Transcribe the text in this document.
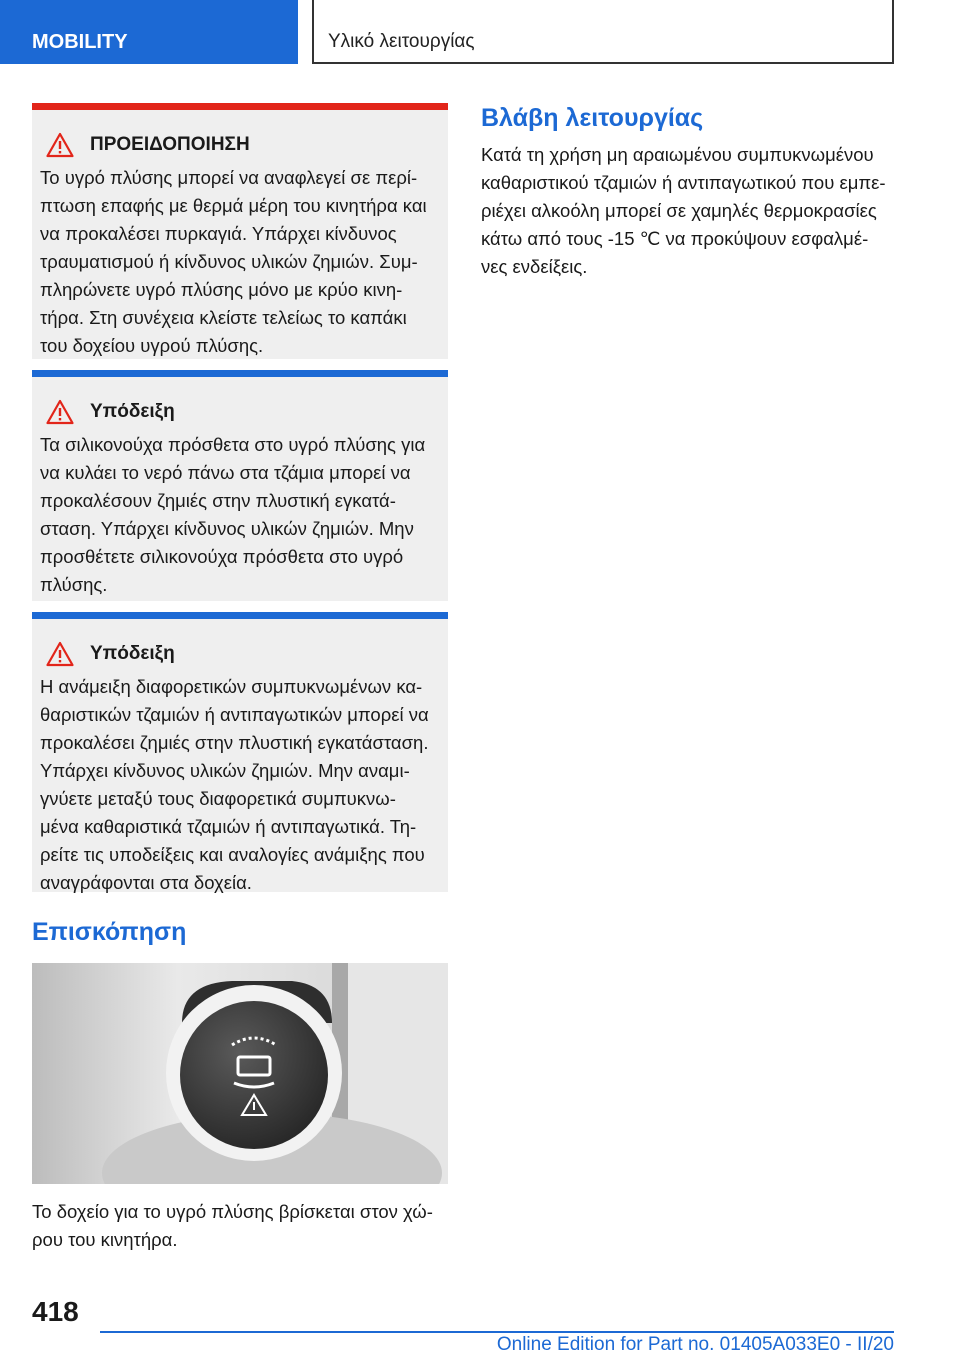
MOBILITY	Υλικό λειτουργίας
ΠΡΟΕΙΔΟΠΟΙΗΣΗ
Το υγρό πλύσης μπορεί να αναφλεγεί σε περί-
πτωση επαφής με θερμά μέρη του κινητήρα και
να προκαλέσει πυρκαγιά. Υπάρχει κίνδυνος
τραυματισμού ή κίνδυνος υλικών ζημιών. Συμ-
πληρώνετε υγρό πλύσης μόνο με κρύο κινη-
τήρα. Στη συνέχεια κλείστε τελείως το καπάκι
του δοχείου υγρού πλύσης.
Υπόδειξη
Τα σιλικονούχα πρόσθετα στο υγρό πλύσης για
να κυλάει το νερό πάνω στα τζάμια μπορεί να
προκαλέσουν ζημιές στην πλυστική εγκατά-
σταση. Υπάρχει κίνδυνος υλικών ζημιών. Μην
προσθέτετε σιλικονούχα πρόσθετα στο υγρό
πλύσης.
Υπόδειξη
Η ανάμειξη διαφορετικών συμπυκνωμένων κα-
θαριστικών τζαμιών ή αντιπαγωτικών μπορεί να
προκαλέσει ζημιές στην πλυστική εγκατάσταση.
Υπάρχει κίνδυνος υλικών ζημιών. Μην αναμι-
γνύετε μεταξύ τους διαφορετικά συμπυκνω-
μένα καθαριστικά τζαμιών ή αντιπαγωτικά. Τη-
ρείτε τις υποδείξεις και αναλογίες ανάμιξης που
αναγράφονται στα δοχεία.
Επισκόπηση
Το δοχείο για το υγρό πλύσης βρίσκεται στον χώ-
ρου του κινητήρα.
Βλάβη λειτουργίας
Κατά τη χρήση μη αραιωμένου συμπυκνωμένου
καθαριστικού τζαμιών ή αντιπαγωτικού που εμπε-
ριέχει αλκοόλη μπορεί σε χαμηλές θερμοκρασίες
κάτω από τους -15 ℃ να προκύψουν εσφαλμέ-
νες ενδείξεις.
418
Online Edition for Part no. 01405A033E0 - II/20
